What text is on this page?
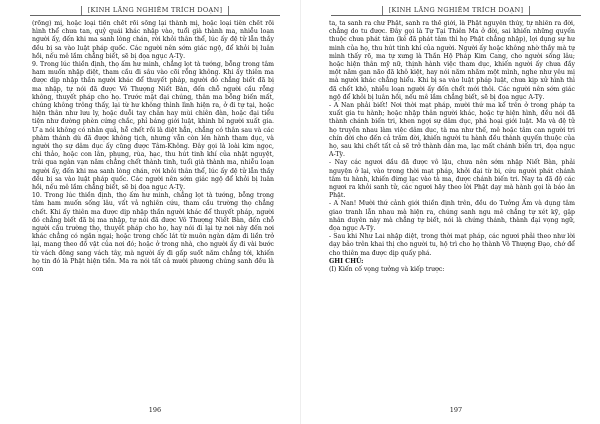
[KINH LĂNG NGHIÊM TRÍCH DOẠN]

(rồng) mị, hoặc loại tiền chết rồi sống lại thành mị, hoặc loại tiên chết rồi hình thể chưa tan, quỷ quái khác nhập vào, tuổi già thành ma, nhiễu loạn người ấy, đến khi ma sanh lòng chán, rời khỏi thân thể, lúc ấy đệ tử lẫn thầy đều bị sa vào luật pháp quốc. Các người nên sớm giác ngộ, để khỏi bị luân hồi, nếu mê lầm chẳng biết, sẽ bị đọa ngục A-Tỳ.

9. Trong lúc thiền định, thọ ấm hư minh, chẳng lọt tà tướng, bỗng trong tâm ham muốn nhập diệt, tham cầu đi sâu vào cõi rỗng không. Khi ấy thiên ma được dịp nhập thần người khác để thuyết pháp, người đó chẳng biết đã bị ma nhập, tự nói đã được Vô Thượng Niết Bàn, đến chỗ người cầu rỗng không, thuyết pháp cho họ. Trước mặt đại chúng, thân ma bỗng biến mất, chúng không trông thấy, lại từ hư không thình lình hiện ra, ở đi tự tại, hoặc hiện thân như lưu ly, hoặc duỗi tay chân hay mùi chiên đàn, hoặc đại tiểu tiện như đường phèn cứng chắc, phỉ báng giới luật, khinh bỉ người xuất gia. Ư a nói không có nhân quả, hễ chết rồi là diệt hẳn, chẳng có thân sau và các phàm thánh dù đã được không tịch, nhưng vẫn còn lén hành tham dục, và người thọ sự dâm dục ấy cũng được Tâm-Không. Đây gọi là loài kim ngọc, chi thảo, hoặc con lân, phụng, rùa, hạc, thu hút tinh khí của nhật nguyệt, trải qua ngàn vạn năm chẳng chết thành tinh, tuổi già thành ma, nhiễu loạn người ấy, đến khi ma sanh lòng chán, rời khỏi thân thể, lúc ấy đệ tử lẫn thầy đều bị sa vào luật pháp quốc. Các người nên sớm giác ngộ để khỏi bị luân hồi, nếu mê lầm chẳng biết, sẽ bị đọa ngục A-Tỳ.

10. Trong lúc thiền định, thọ ấm hư minh, chẳng lọt tà tướng, bỗng trong tâm ham muốn sống lâu, vất vả nghiên cứu, tham cầu trường thọ chẳng chết. Khi ấy thiên ma được dịp nhập thần người khác để thuyết pháp, người đó chẳng biết đã bị ma nhập, tự nói đã được Vô Thượng Niết Bàn, đến chỗ người cầu trường thọ, thuyết pháp cho họ, hay nói đi lại tự nơi này đến nơi khác chẳng có ngăn ngại; hoặc trong chốc lát từ muôn ngàn dặm đi liền trở lại, mang theo đồ vật của nơi đó; hoặc ở trong nhà, cho người ấy đi vài bước từ vách đông sang vách tây, mà người ấy đi gấp suốt năm chẳng tới, khiến họ tin đó là Phật hiện tiền. Ma ra nói tất cả mười phương chúng sanh đều là con

196
[KINH LĂNG NGHIÊM TRÍCH DOẠN]

ta, ta sanh ra chư Phật, sanh ra thế giới, là Phật nguyên thủy, tự nhiên ra đời, chẳng do tu được. Đây gọi là Tự Tại Thiên Ma ở đời, sai khiến những quyến thuộc chưa phát tâm (kẻ đã phát tâm thì họ Phật chẳng nhập), lợi dụng sự hư minh của họ, thu hút tinh khí của người. Người ấy hoặc không nhờ thầy mà tự mình thấy rõ, ma tự xưng là Thần Hộ Pháp Kim Cang, cho người sống lâu; hoặc hiện thân mỹ nữ, thịnh hành việc tham dục, khiến người ấy chưa đầy một năm gan não đã khô kiệt, hay nói năm nhăm một mình, nghe như yêu mị mà người khác chẳng hiểu. Khi bị sa vào luật pháp luật, chưa kịp xử hình thì đã chết khô, nhiễu loạn người ấy đến chết mới thôi. Các người nên sớm giác ngộ để khỏi bị luân hồi, nếu mê lầm chẳng biết, sẽ bị đọa ngục A-Tỳ.

- A Nan phải biết! Nơi thời mạt pháp, mười thứ ma kể trên ở trong pháp ta xuất gia tu hành; hoặc nhập thân người khác, hoặc tự hiện hình, đều nói đã thành chánh biến tri, khen ngợi sự dâm dục, phá hoại giới luật. Ma và đệ tử họ truyền nhau làm việc dâm dục, tà ma như thế, mê hoặc tâm can người tri chín đời cho đến cả trăm đời, khiến người tu hành đều thành quyến thuộc của họ, sau khi chết tất cả sẽ trở thành dân ma, lạc mất chánh biến tri, đọa ngục A-Tỳ.

- Nay các ngươi dầu đã được vô lậu, chưa nên sớm nhập Niết Bàn, phải nguyện ở lại, vào trong thời mạt pháp, khởi đại từ bi, cứu người phát chánh tâm tu hành, khiến đừng lạc vào tà ma, được chánh biến tri. Nay ta đã độ các ngươi ra khỏi sanh tử, các ngươi hãy theo lời Phật dạy mà hành gọi là báo ân Phật.

- A Nan! Mười thứ cảnh giới thiền định trên, đều do Tưởng Ấm và dụng tâm giao tranh lẫn nhau mà hiện ra, chúng sanh ngu mê chẳng tự xét kỹ, gặp nhân duyên này mà chẳng tự biết, nói là chứng thánh, thành đại vọng ngữ, đọa ngục A-Tỳ.

- Sau khi Như Lai nhập diệt, trong thời mạt pháp, các ngươi phải theo như lời dạy bảo trên khai thị cho người tu, hộ trì cho họ thành Vô Thượng Đạo, chớ để cho thiên ma được dịp quấy phá.

GHI CHÚ:

(I) Kiến cố vọng tưởng và kiếp trược:

197
